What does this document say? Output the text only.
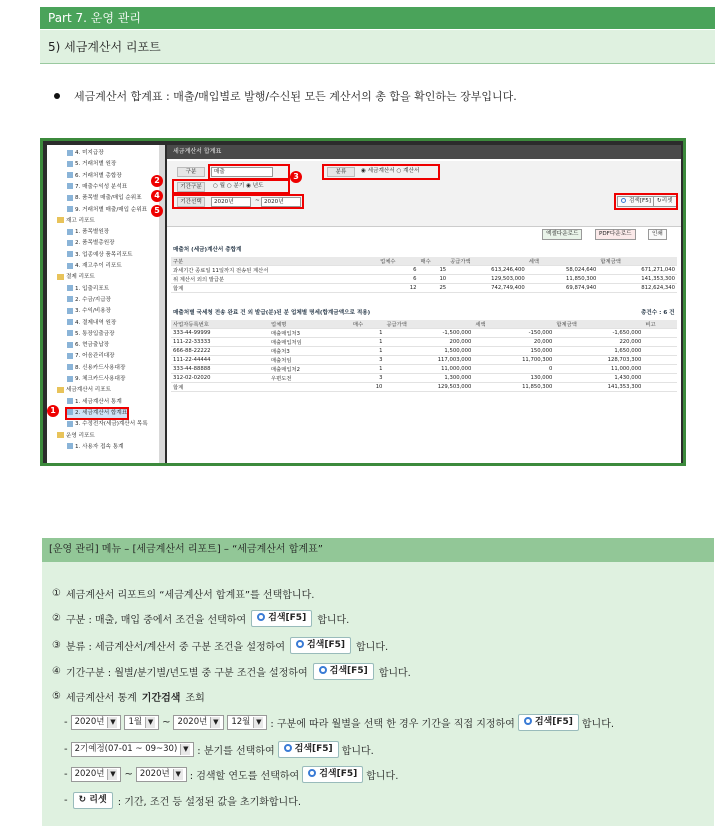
Part 7. 운영 관리
5) 세금계산서 리포트
세금계산서 합계표 : 매출/매입별로 발행/수신된 모든 계산서의 총 합을 확인하는 장부입니다.
4. 미지급장
5. 거래처별 원장
6. 거래처별 총합장
7. 매출수익성 분석표
8. 품목별 매출/매입 순위표
9. 거래처별 매출/매입 순위표
재고 리포트
1. 품목별원장
2. 품목별총원장
3. 업종예상 품목리포트
4. 재고추이 리포트
결제 리포트
1. 입출리포트
2. 수금/지급장
3. 수익/비용장
4. 결제내역 원장
5. 통장입출금장
6. 현금출납장
7. 어음관리대장
8. 신용카드사용대장
9. 체크카드사용대장
세금계산서 리포트
1. 세금계산서 통계
2. 세금계산서 합계표
3. 수정전자(세금)계산서 목록
운영 리포트
1. 사용자 접속 통계
세금계산서 합계표
구분	매출	분류	◉ 세금계산서 ○ 계산서
기간구분	○ 월 ○ 분기 ◉ 년도
기간선택	2020년	~ 2020년	검색[F5]	↻리셋
엑셀다운로드	PDF다운로드	인쇄
매출처 (세금)계산서 총합계
구분	업체수	매수	공급가액	세액	합계금액
과세기간 종료일 11일까지 전송된 계산서	6	15	613,246,400	58,024,640	671,271,040
위 계산서 외의 발급분	6	10	129,503,000	11,850,300	141,353,300
합계	12	25	742,749,400	69,874,940	812,624,340
매출처별 국세청 전송 완료 건 외 발급(분)된 분 업체별 명세(합계금액으로 적용)	총건수 : 6 건
사업자등록번호	업체명	매수	공급가액	세액	합계금액	비고
333-44-99999	매출매입처3	1	-1,500,000	-150,000	-1,650,000	
111-22-33333	매출매입처임	1	200,000	20,000	220,000	
666-88-22222	매출처3	1	1,500,000	150,000	1,650,000	
111-22-44444	매출처임	3	117,003,000	11,700,300	128,703,300	
333-44-88888	매출매입처2	1	11,000,000	0	11,000,000	
312-02-02020	우편도전	3	1,300,000	130,000	1,430,000	
합계		10	129,503,000	11,850,300	141,353,300	
2	3
4
5
1
[운영 관리] 메뉴 – [세금계산서 리포트] – “세금계산서 합계표”
① 세금계산서 리포트의 “세금계산서 합계표”를 선택합니다.
② 구분 : 매출, 매입 중에서 조건을 선택하여	검색[F5]	합니다.
③ 분류 : 세금계산서/계산서 중 구분 조건을 설정하여	검색[F5]	합니다.
④ 기간구분 : 월별/분기별/년도별 중 구분 조건을 설정하여	검색[F5]	합니다.
⑤ 세금계산서 통계 기간검색 조회
- 2020년 ▼	1월 ▼ ~ 2020년 ▼	12월 ▼ : 구분에 따라 월별을 선택 한 경우 기간을 직접 지정하여	검색[F5] 합니다.
- 2기예정(07-01 ~ 09~30) ▼ : 분기를 선택하여	검색[F5] 합니다.
- 2020년 ▼ ~ 2020년 ▼ : 검색할 연도를 선택하여	검색[F5] 합니다.
-	↻ 리셋	: 기간, 조건 등 설정된 값을 초기화합니다.
